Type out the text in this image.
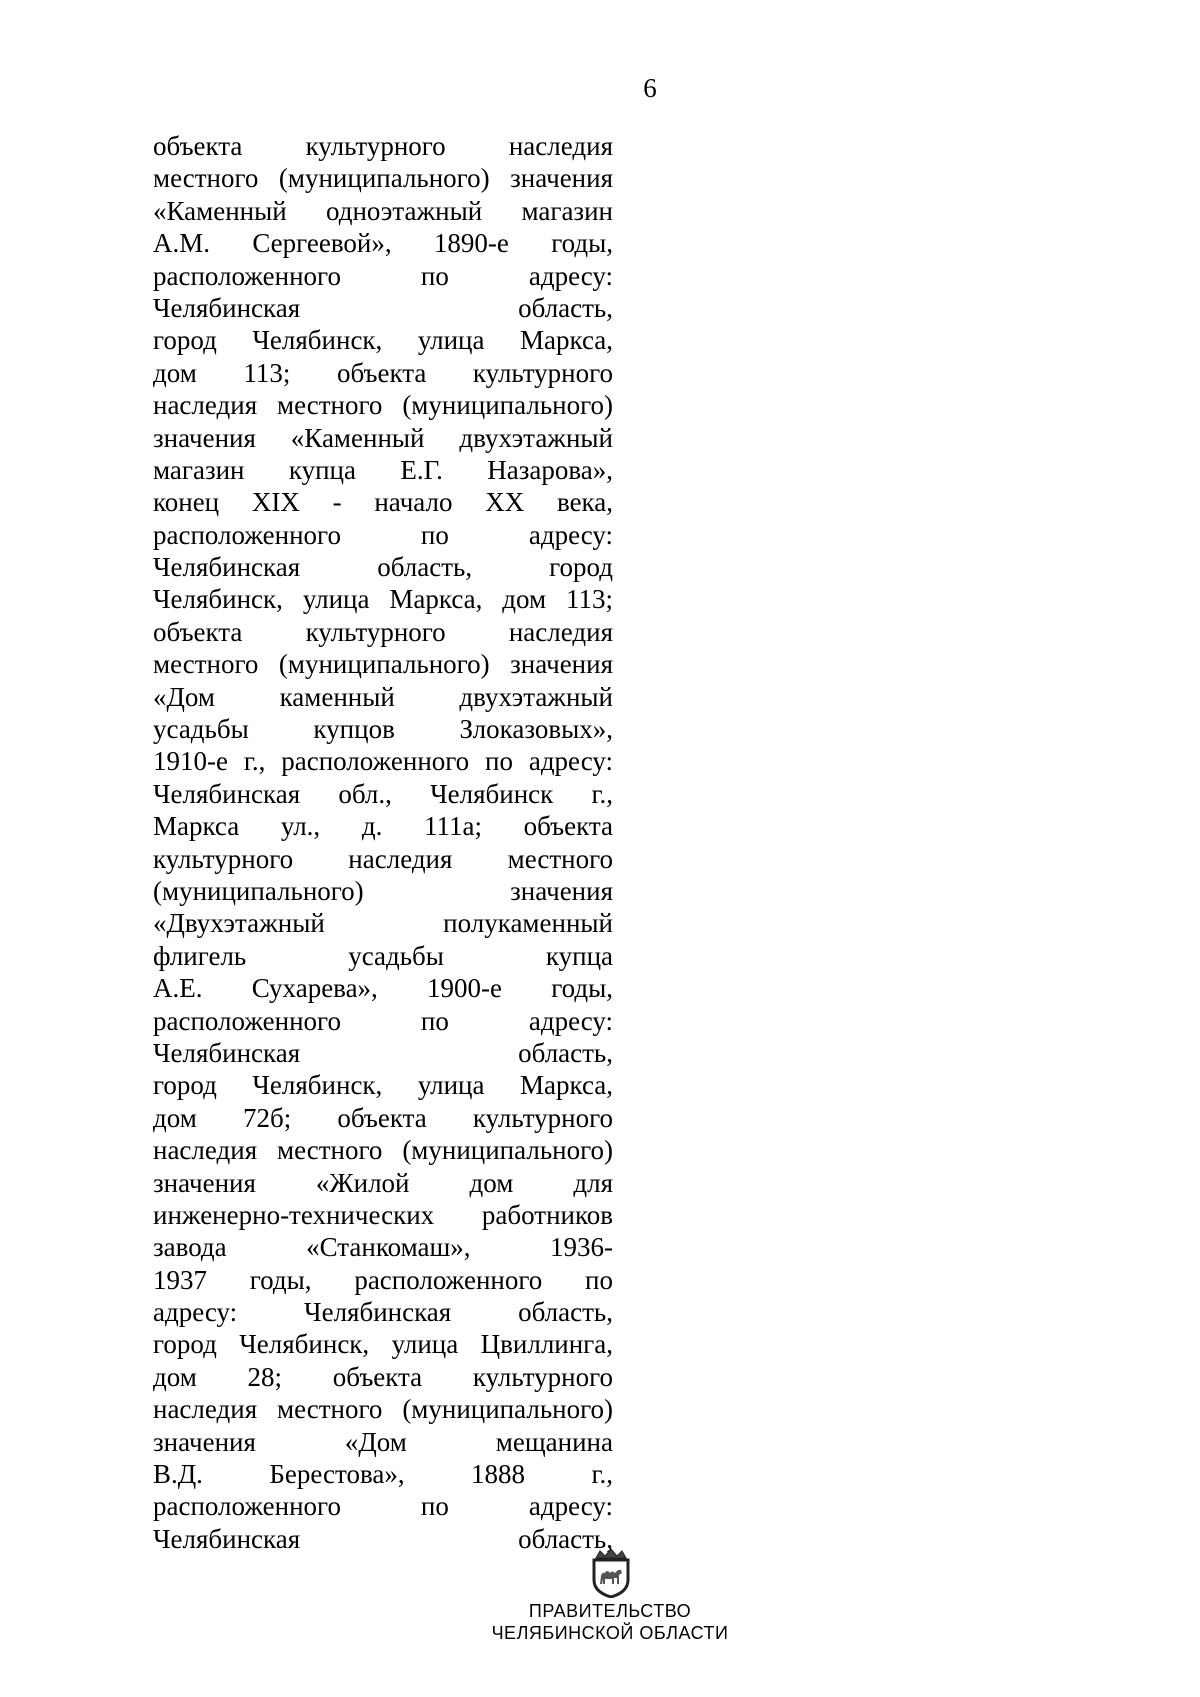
6
объекта культурного наследия
местного (муниципального) значения
«Каменный одноэтажный магазин
А.М. Сергеевой», 1890-е годы,
расположенного по адресу:
Челябинская область,
город Челябинск, улица Маркса,
дом 113; объекта культурного
наследия местного (муниципального)
значения «Каменный двухэтажный
магазин купца Е.Г. Назарова»,
конец XIX - начало XX века,
расположенного по адресу:
Челябинская область, город
Челябинск, улица Маркса, дом 113;
объекта культурного наследия
местного (муниципального) значения
«Дом каменный двухэтажный
усадьбы купцов Злоказовых»,
1910-е г., расположенного по адресу:
Челябинская обл., Челябинск г.,
Маркса ул., д. 111а; объекта
культурного наследия местного
(муниципального) значения
«Двухэтажный полукаменный
флигель усадьбы купца
А.Е. Сухарева», 1900-е годы,
расположенного по адресу:
Челябинская область,
город Челябинск, улица Маркса,
дом 72б; объекта культурного
наследия местного (муниципального)
значения «Жилой дом для
инженерно-технических работников
завода «Станкомаш», 1936-
1937 годы, расположенного по
адресу: Челябинская область,
город Челябинск, улица Цвиллинга,
дом 28; объекта культурного
наследия местного (муниципального)
значения «Дом мещанина
В.Д. Берестова», 1888 г.,
расположенного по адресу:
Челябинская область,
ПРАВИТЕЛЬСТВО
ЧЕЛЯБИНСКОЙ ОБЛАСТИ
